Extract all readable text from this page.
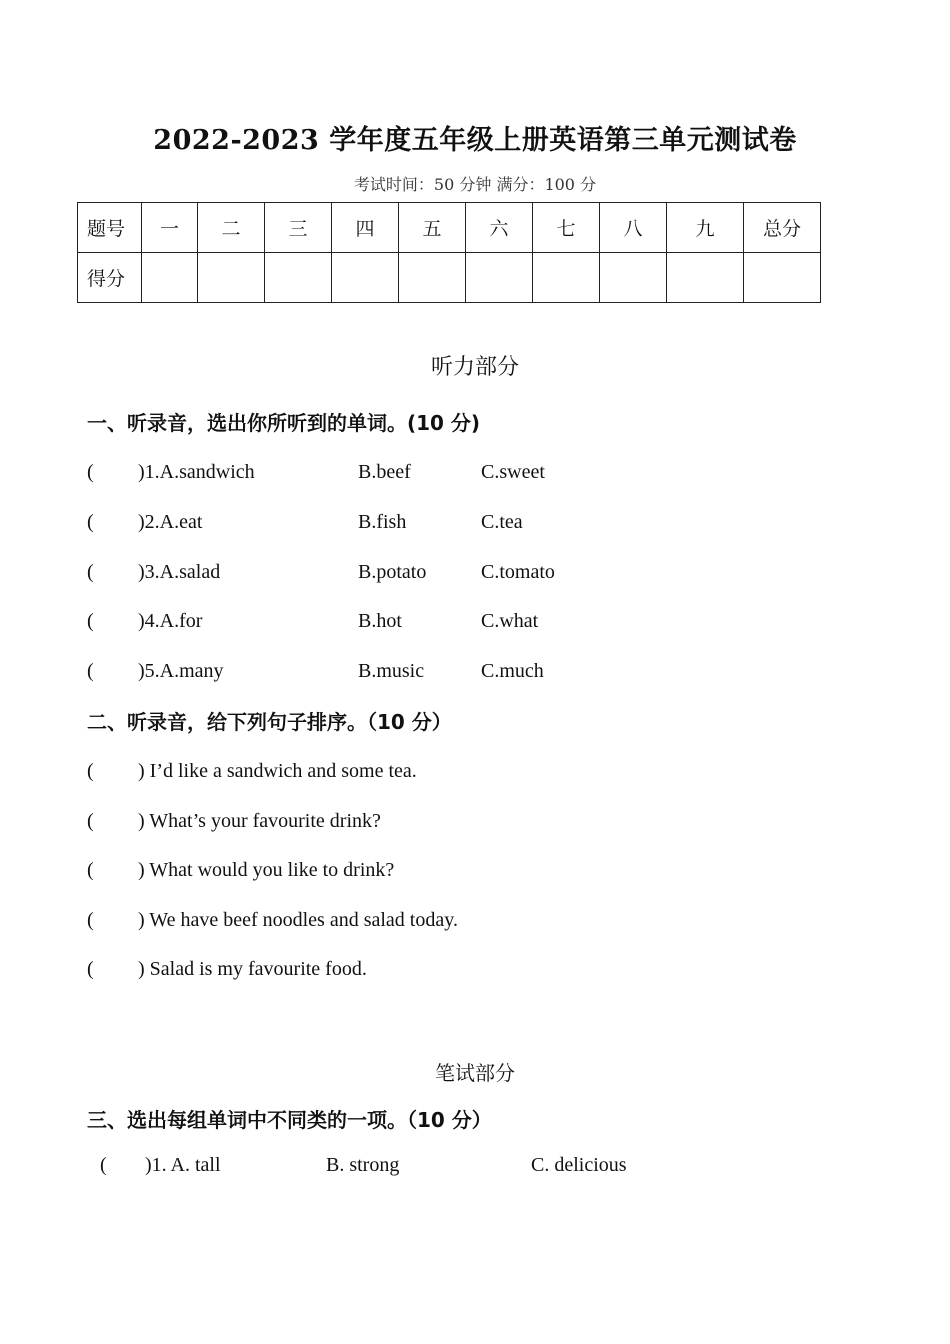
2022-2023 学年度五年级上册英语第三单元测试卷
考试时间：50 分钟 满分：100 分
题号	一	二	三	四	五	六	七	八	九	总分
得分										
听力部分
一、听录音，选出你所听到的单词。(10 分)
( )1.A.sandwich	B.beef	C.sweet
( )2.A.eat	B.fish	C.tea
( )3.A.salad	B.potato	C.tomato
( )4.A.for	B.hot	C.what
( )5.A.many	B.music	C.much
二、听录音，给下列句子排序。（10 分）
( ) I’d like a sandwich and some tea.
( ) What’s your favourite drink?
( ) What would you like to drink?
( ) We have beef noodles and salad today.
( ) Salad is my favourite food.
笔试部分
三、选出每组单词中不同类的一项。（10 分）
( )1. A. tall	B. strong	C. delicious
